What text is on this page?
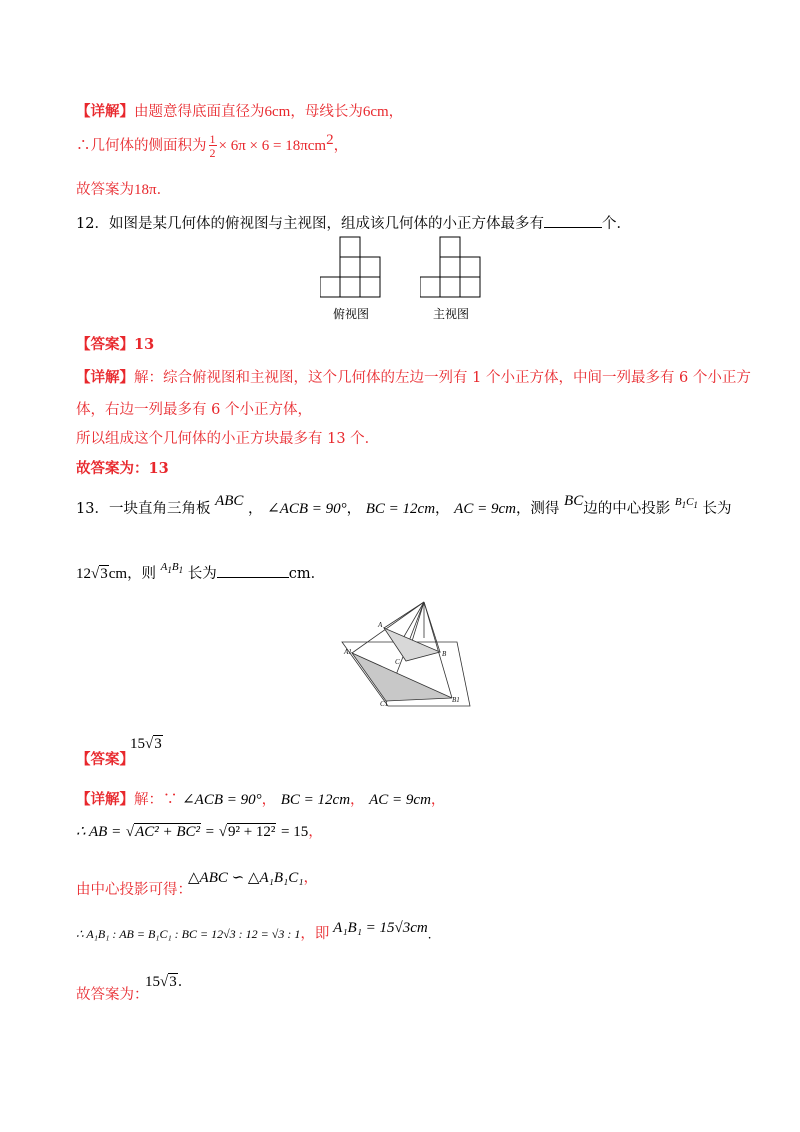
【详解】由题意得底面直径为6cm，母线长为6cm，
∴几何体的侧面积为 $\frac{1}{2} \times 6\pi \times 6 = 18\pi cm^2$，
故答案为18π．
12．如图是某几何体的俯视图与主视图，组成该几何体的小正方体最多有	个．
俯视图	主视图
【答案】13
【详解】解：综合俯视图和主视图，这个几何体的左边一列有 1 个小正方体，中间一列最多有 6 个小正方
体，右边一列最多有 6 个小正方体，
所以组成这个几何体的小正方块最多有 13 个．
故答案为：13
13．一块直角三角板 ABC ， ∠ACB = 90°， BC = 12cm， AC = 9cm，测得 BC边的中心投影 $^{B_1C_1}$ 长为
12√3cm，则 $^{A_1B_1}$ 长为	cm．
A
A1	B
B1
C
C1
【答案】
15√3
【详解】解：∵ ∠ACB = 90°， BC = 12cm， AC = 9cm，
∴ AB = √AC² + BC² = √9² + 12² = 15，
由中心投影可得：
△ABC ∽ △A₁B₁C₁，
∴ A₁B₁ : AB = B₁C₁ : BC = 12√3 : 12 = √3 : 1，即 A₁B₁ = 15√3cm．
故答案为：
15√3．
